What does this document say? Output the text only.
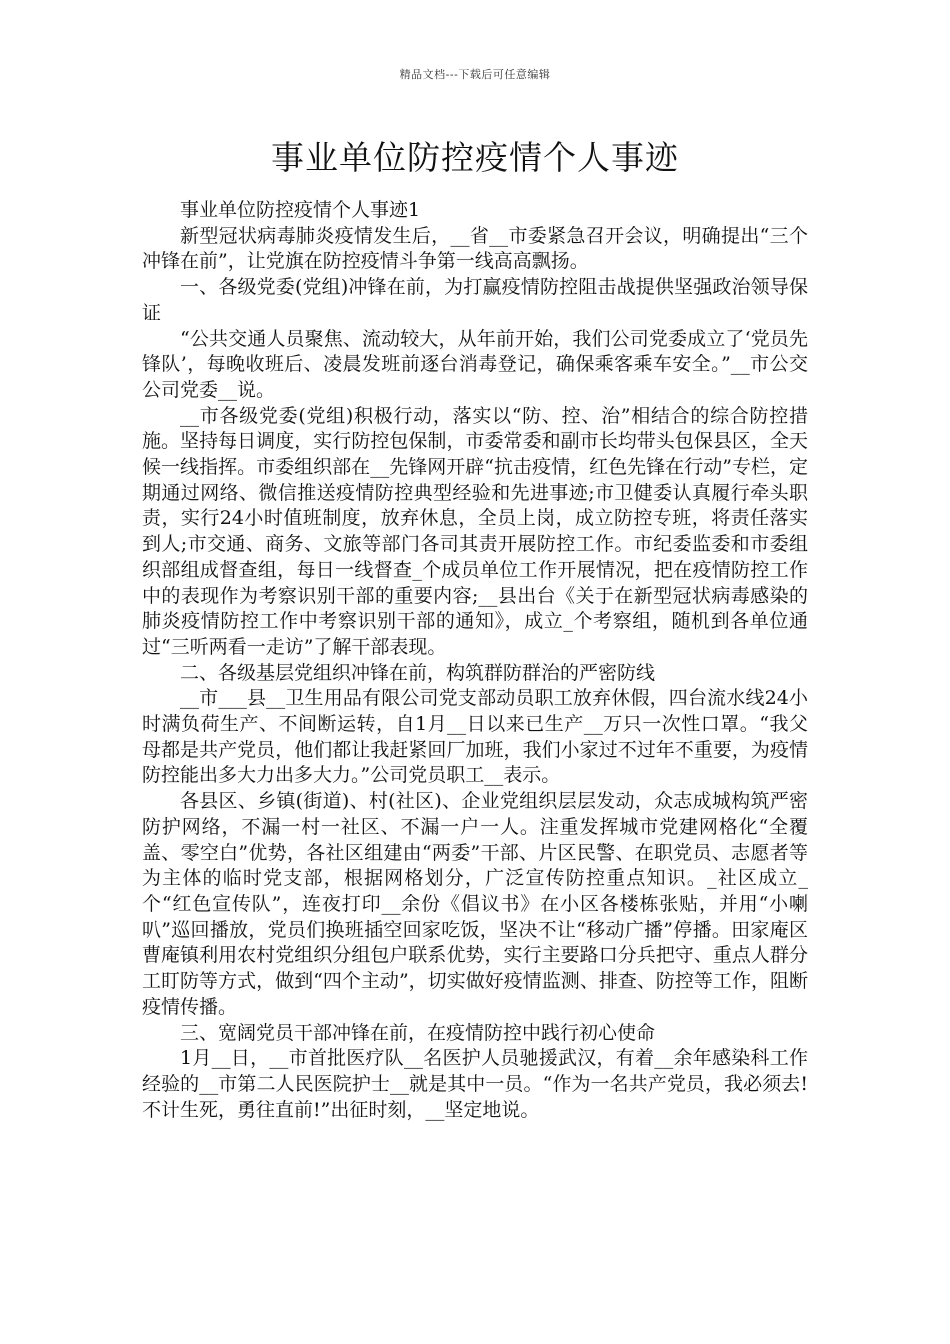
精品文档---下载后可任意编辑
事业单位防控疫情个人事迹

事业单位防控疫情个人事迹1

新型冠状病毒肺炎疫情发生后，__省__市委紧急召开会议，明确提出“三个冲锋在前”，让党旗在防控疫情斗争第一线高高飘扬。

一、各级党委(党组)冲锋在前，为打赢疫情防控阻击战提供坚强政治领导保证

“公共交通人员聚焦、流动较大，从年前开始，我们公司党委成立了‘党员先锋队’，每晚收班后、凌晨发班前逐台消毒登记，确保乘客乘车安全。”__市公交公司党委__说。

__市各级党委(党组)积极行动，落实以“防、控、治”相结合的综合防控措施。坚持每日调度，实行防控包保制，市委常委和副市长均带头包保县区，全天候一线指挥。市委组织部在__先锋网开辟“抗击疫情，红色先锋在行动”专栏，定期通过网络、微信推送疫情防控典型经验和先进事迹;市卫健委认真履行牵头职责，实行24小时值班制度，放弃休息，全员上岗，成立防控专班，将责任落实到人;市交通、商务、文旅等部门各司其责开展防控工作。市纪委监委和市委组织部组成督查组，每日一线督查_个成员单位工作开展情况，把在疫情防控工作中的表现作为考察识别干部的重要内容;__县出台《关于在新型冠状病毒感染的肺炎疫情防控工作中考察识别干部的通知》，成立_个考察组，随机到各单位通过“三听两看一走访”了解干部表现。

二、各级基层党组织冲锋在前，构筑群防群治的严密防线

__市___县__卫生用品有限公司党支部动员职工放弃休假，四台流水线24小时满负荷生产、不间断运转，自1月__日以来已生产__万只一次性口罩。“我父母都是共产党员，他们都让我赶紧回厂加班，我们小家过不过年不重要，为疫情防控能出多大力出多大力。”公司党员职工__表示。

各县区、乡镇(街道)、村(社区)、企业党组织层层发动，众志成城构筑严密防护网络，不漏一村一社区、不漏一户一人。注重发挥城市党建网格化“全覆盖、零空白”优势，各社区组建由“两委”干部、片区民警、在职党员、志愿者等为主体的临时党支部，根据网格划分，广泛宣传防控重点知识。_社区成立_个“红色宣传队”，连夜打印__余份《倡议书》在小区各楼栋张贴，并用“小喇叭”巡回播放，党员们换班插空回家吃饭，坚决不让“移动广播”停播。田家庵区曹庵镇利用农村党组织分组包户联系优势，实行主要路口分兵把守、重点人群分工盯防等方式，做到“四个主动”，切实做好疫情监测、排查、防控等工作，阻断疫情传播。

三、宽阔党员干部冲锋在前，在疫情防控中践行初心使命

1月__日，__市首批医疗队__名医护人员驰援武汉，有着__余年感染科工作经验的__市第二人民医院护士__就是其中一员。“作为一名共产党员，我必须去!不计生死，勇往直前!”出征时刻，__坚定地说。
